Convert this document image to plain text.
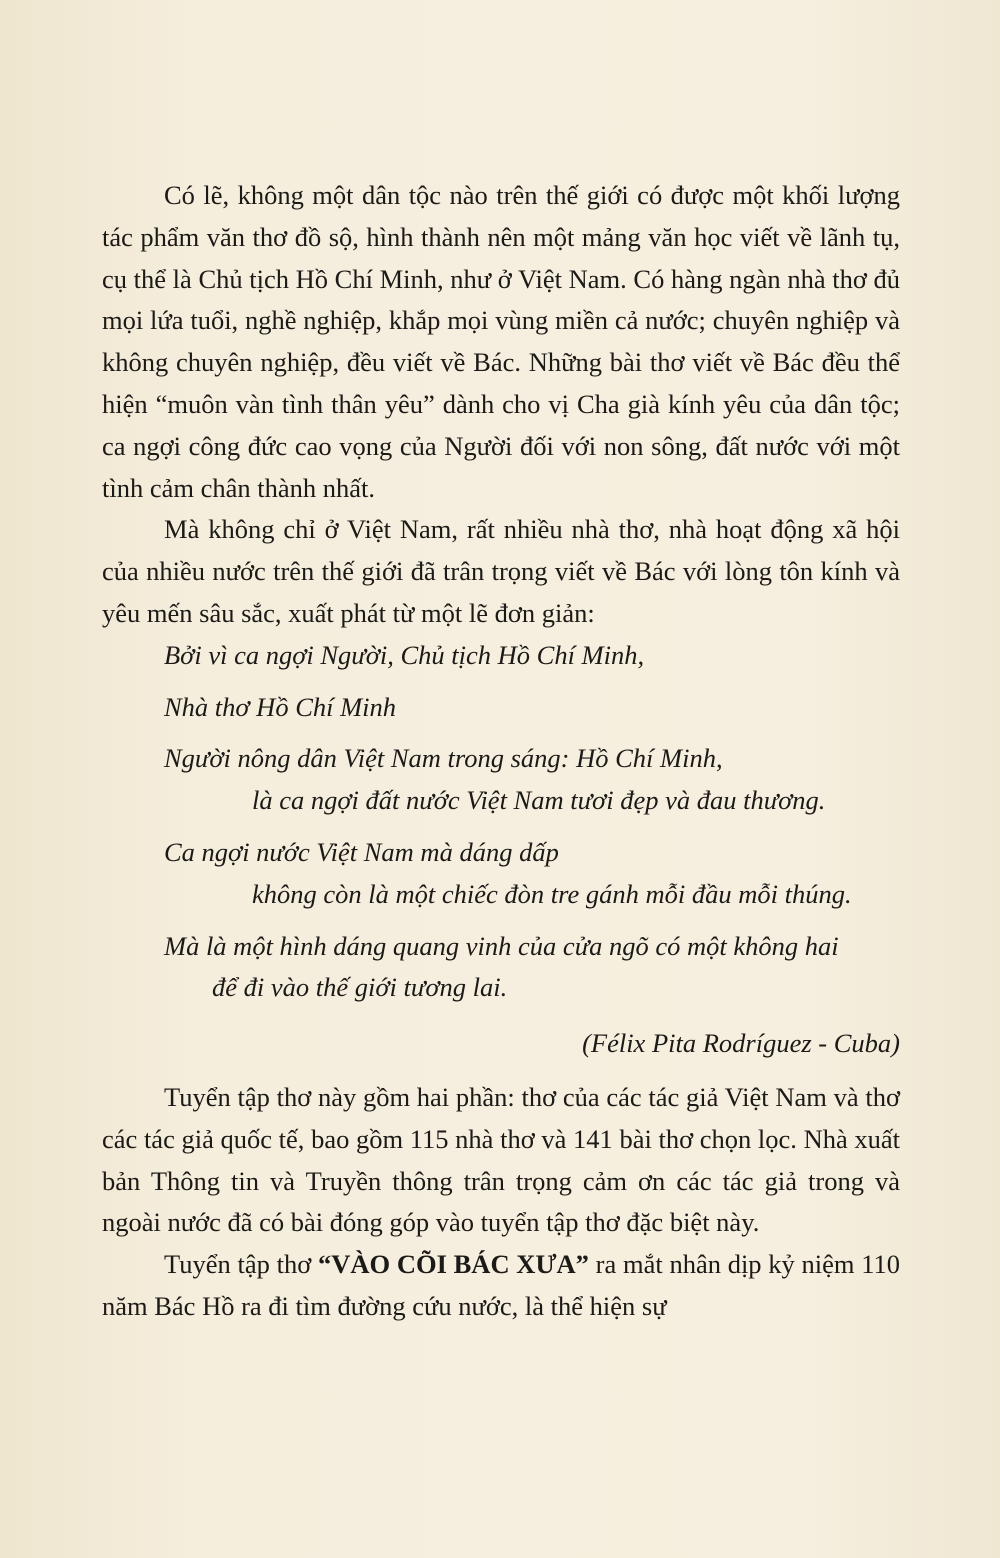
Có lẽ, không một dân tộc nào trên thế giới có được một khối lượng tác phẩm văn thơ đồ sộ, hình thành nên một mảng văn học viết về lãnh tụ, cụ thể là Chủ tịch Hồ Chí Minh, như ở Việt Nam. Có hàng ngàn nhà thơ đủ mọi lứa tuổi, nghề nghiệp, khắp mọi vùng miền cả nước; chuyên nghiệp và không chuyên nghiệp, đều viết về Bác. Những bài thơ viết về Bác đều thể hiện “muôn vàn tình thân yêu” dành cho vị Cha già kính yêu của dân tộc; ca ngợi công đức cao vọng của Người đối với non sông, đất nước với một tình cảm chân thành nhất.

Mà không chỉ ở Việt Nam, rất nhiều nhà thơ, nhà hoạt động xã hội của nhiều nước trên thế giới đã trân trọng viết về Bác với lòng tôn kính và yêu mến sâu sắc, xuất phát từ một lẽ đơn giản:

Bởi vì ca ngợi Người, Chủ tịch Hồ Chí Minh,
Nhà thơ Hồ Chí Minh
Người nông dân Việt Nam trong sáng: Hồ Chí Minh,
là ca ngợi đất nước Việt Nam tươi đẹp và đau thương.
Ca ngợi nước Việt Nam mà dáng dấp
không còn là một chiếc đòn tre gánh mỗi đầu mỗi thúng.
Mà là một hình dáng quang vinh của cửa ngõ có một không hai
để đi vào thế giới tương lai.

(Félix Pita Rodríguez - Cuba)

Tuyển tập thơ này gồm hai phần: thơ của các tác giả Việt Nam và thơ các tác giả quốc tế, bao gồm 115 nhà thơ và 141 bài thơ chọn lọc. Nhà xuất bản Thông tin và Truyền thông trân trọng cảm ơn các tác giả trong và ngoài nước đã có bài đóng góp vào tuyển tập thơ đặc biệt này.

Tuyển tập thơ “VÀO CÕI BÁC XƯA” ra mắt nhân dịp kỷ niệm 110 năm Bác Hồ ra đi tìm đường cứu nước, là thể hiện sự
